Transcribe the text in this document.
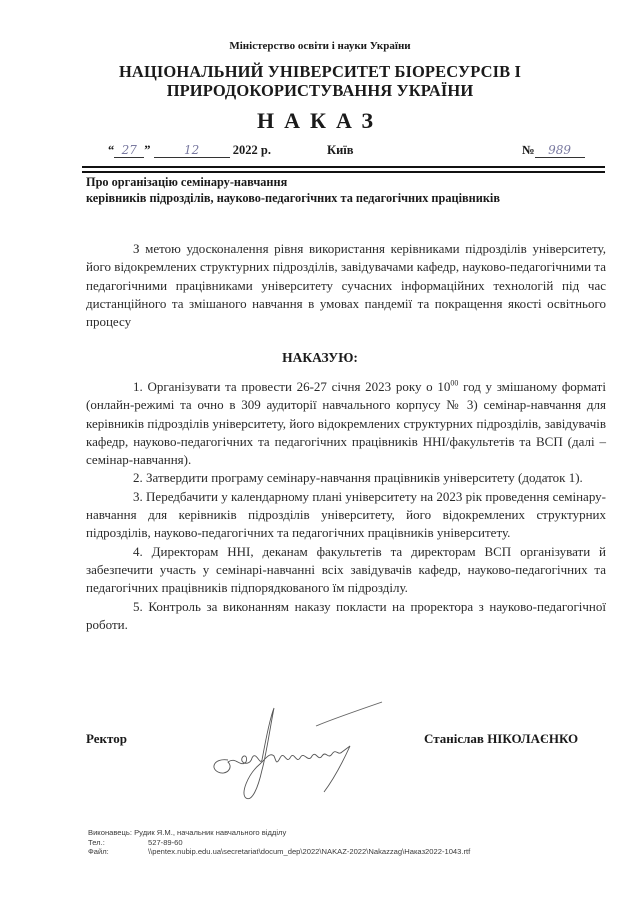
Міністерство освіти і науки України
НАЦІОНАЛЬНИЙ УНІВЕРСИТЕТ БІОРЕСУРСІВ І
ПРИРОДОКОРИСТУВАННЯ УКРАЇНИ
НАКАЗ
“ 27 ”	12	2022 р.	Київ	№ 989
Про організацію семінару-навчання
керівників підрозділів, науково-педагогічних та педагогічних працівників

З метою удосконалення рівня використання керівниками підрозділів університету, його відокремлених структурних підрозділів, завідувачами кафедр, науково-педагогічними та педагогічними працівниками університету сучасних інформаційних технологій під час дистанційного та змішаного навчання в умовах пандемії та покращення якості освітнього процесу

НАКАЗУЮ:

1. Організувати та провести 26-27 січня 2023 року о $10^{00}$ год у змішаному форматі (онлайн-режимі та очно в 309 аудиторії навчального корпусу № 3) семінар-навчання для керівників підрозділів університету, його відокремлених структурних підрозділів, завідувачів кафедр, науково-педагогічних та педагогічних працівників ННІ/факультетів та ВСП (далі – семінар-навчання).

2. Затвердити програму семінару-навчання працівників університету (додаток 1).

3. Передбачити у календарному плані університету на 2023 рік проведення семінару-навчання для керівників підрозділів університету, його відокремлених структурних підрозділів, науково-педагогічних та педагогічних працівників університету.

4. Директорам ННІ, деканам факультетів та директорам ВСП організувати й забезпечити участь у семінарі-навчанні всіх завідувачів кафедр, науково-педагогічних та педагогічних працівників підпорядкованого їм підрозділу.

5. Контроль за виконанням наказу покласти на проректора з науково-педагогічної роботи.

Ректор	Станіслав НІКОЛАЄНКО
Виконавець: Рудик Я.М., начальник навчального відділу
Тел.:	527-89-60
Файл:	\\pentex.nubip.edu.ua\secretariat\docum_dep\2022\NAKAZ-2022\Nakazzag\Наказ2022-1043.rtf
